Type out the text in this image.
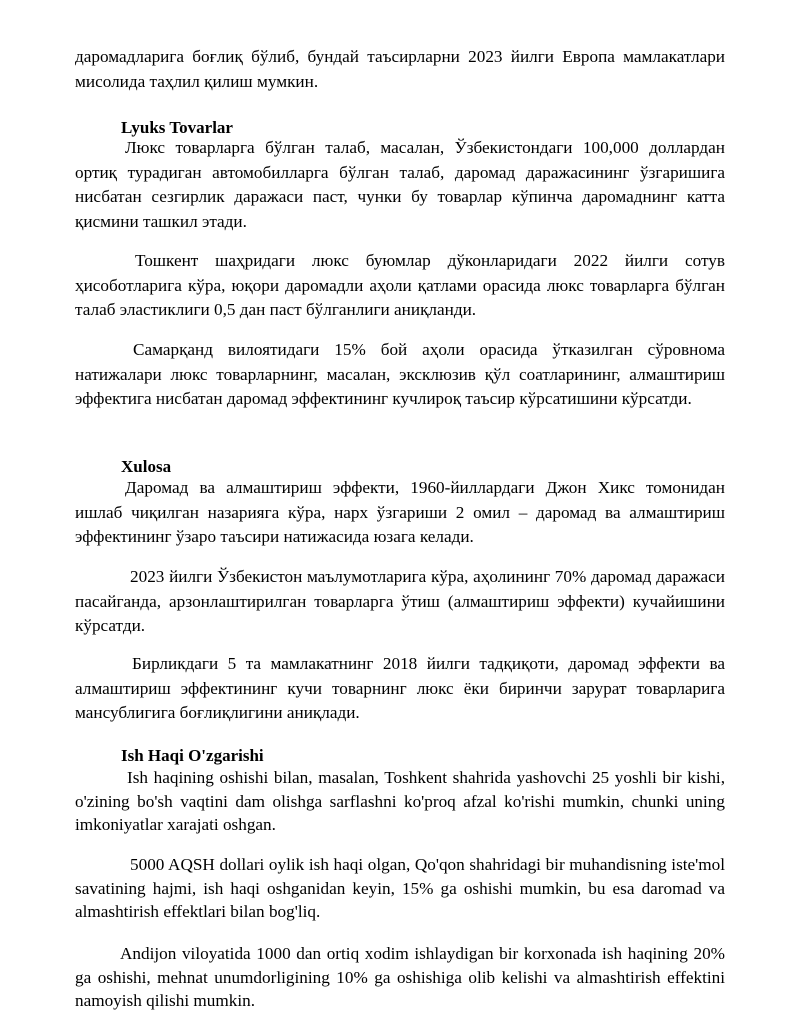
даромадларига боғлиқ бўлиб, бундай таъсирларни 2023 йилги Европа мамлакатлари мисолида таҳлил қилиш мумкин.

Lyuks Tovarlar

Люкс товарларга бўлган талаб, масалан, Ўзбекистондаги 100,000 доллардан ортиқ турадиган автомобилларга бўлган талаб, даромад даражасининг ўзгаришига нисбатан сезгирлик даражаси паст, чунки бу товарлар кўпинча даромаднинг катта қисмини ташкил этади.

Тошкент шаҳридаги люкс буюмлар дўконларидаги 2022 йилги сотув ҳисоботларига кўра, юқори даромадли аҳоли қатлами орасида люкс товарларга бўлган талаб эластиклиги 0,5 дан паст бўлганлиги аниқланди.

Самарқанд вилоятидаги 15% бой аҳоли орасида ўтказилган сўровнома натижалари люкс товарларнинг, масалан, эксклюзив қўл соатларининг, алмаштириш эффектига нисбатан даромад эффектининг кучлироқ таъсир кўрсатишини кўрсатди.

Xulosa

Даромад ва алмаштириш эффекти, 1960-йиллардаги Джон Хикс томонидан ишлаб чиқилган назарияга кўра, нарх ўзгариши 2 омил – даромад ва алмаштириш эффектининг ўзаро таъсири натижасида юзага келади.

2023 йилги Ўзбекистон маълумотларига кўра, аҳолининг 70% даромад даражаси пасайганда, арзонлаштирилган товарларга ўтиш (алмаштириш эффекти) кучайишини кўрсатди.

Бирликдаги 5 та мамлакатнинг 2018 йилги тадқиқоти, даромад эффекти ва алмаштириш эффектининг кучи товарнинг люкс ёки биринчи зарурат товарларига мансублигига боғлиқлигини аниқлади.

Ish Haqi O'zgarishi

Ish haqining oshishi bilan, masalan, Toshkent shahrida yashovchi 25 yoshli bir kishi, o'zining bo'sh vaqtini dam olishga sarflashni ko'proq afzal ko'rishi mumkin, chunki uning imkoniyatlar xarajati oshgan.

5000 AQSH dollari oylik ish haqi olgan, Qo'qon shahridagi bir muhandisning iste'mol savatining hajmi, ish haqi oshganidan keyin, 15% ga oshishi mumkin, bu esa daromad va almashtirish effektlari bilan bog'liq.

Andijon viloyatida 1000 dan ortiq xodim ishlaydigan bir korxonada ish haqining 20% ga oshishi, mehnat unumdorligining 10% ga oshishiga olib kelishi va almashtirish effektini namoyish qilishi mumkin.
